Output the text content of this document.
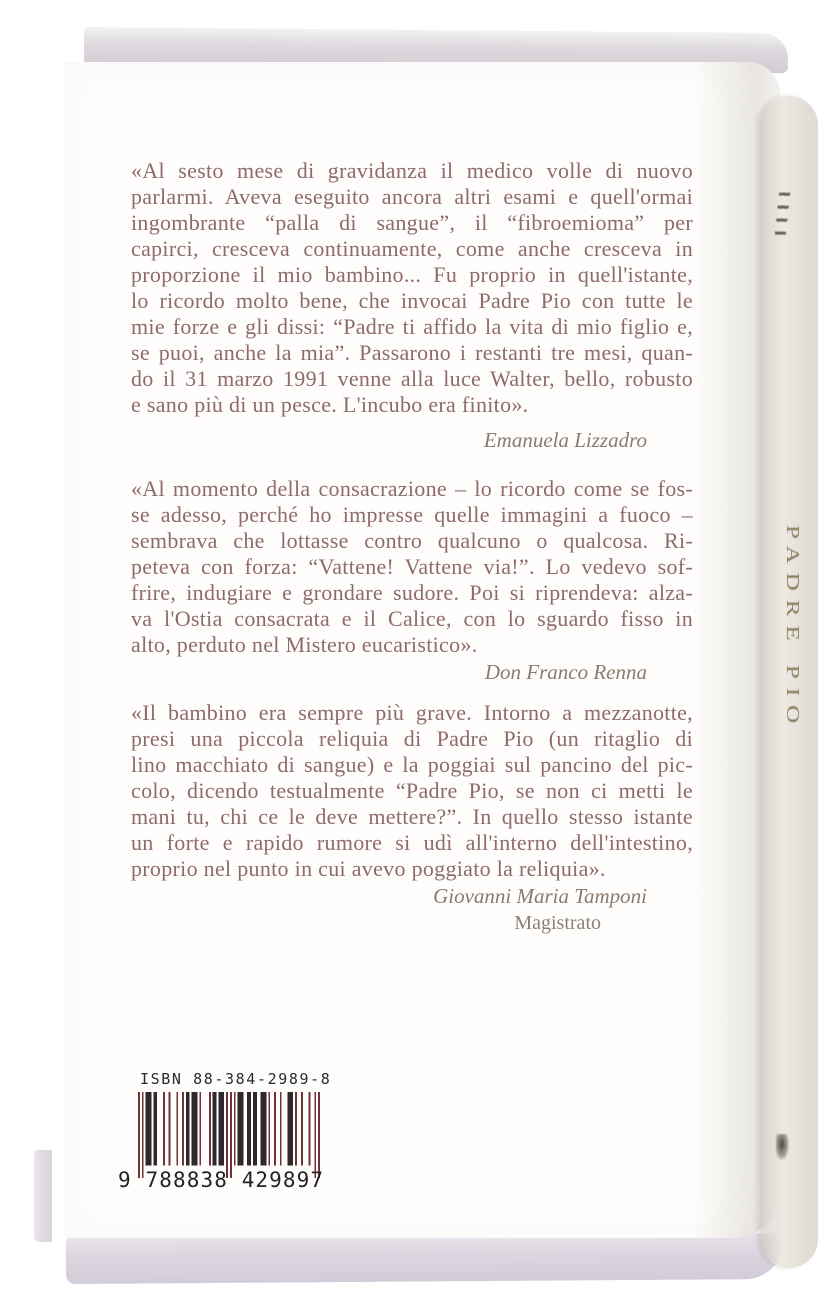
«Al sesto mese di gravidanza il medico volle di nuovo
parlarmi. Aveva eseguito ancora altri esami e quell'ormai
ingombrante “palla di sangue”, il “fibroemioma” per
capirci, cresceva continuamente, come anche cresceva in
proporzione il mio bambino... Fu proprio in quell'istante,
lo ricordo molto bene, che invocai Padre Pio con tutte le
mie forze e gli dissi: “Padre ti affido la vita di mio figlio e,
se puoi, anche la mia”. Passarono i restanti tre mesi, quan-
do il 31 marzo 1991 venne alla luce Walter, bello, robusto
e sano più di un pesce. L'incubo era finito».
Emanuela Lizzadro
«Al momento della consacrazione – lo ricordo come se fos-
se adesso, perché ho impresse quelle immagini a fuoco –
sembrava che lottasse contro qualcuno o qualcosa. Ri-
peteva con forza: “Vattene! Vattene via!”. Lo vedevo sof-
frire, indugiare e grondare sudore. Poi si riprendeva: alza-
va l'Ostia consacrata e il Calice, con lo sguardo fisso in
alto, perduto nel Mistero eucaristico».
Don Franco Renna
«Il bambino era sempre più grave. Intorno a mezzanotte,
presi una piccola reliquia di Padre Pio (un ritaglio di
lino macchiato di sangue) e la poggiai sul pancino del pic-
colo, dicendo testualmente “Padre Pio, se non ci metti le
mani tu, chi ce le deve mettere?”. In quello stesso istante
un forte e rapido rumore si udì all'interno dell'intestino,
proprio nel punto in cui avevo poggiato la reliquia».
Giovanni Maria Tamponi
Magistrato
ISBN 88-384-2989-8
9 788838 429897
PADRE PIO
